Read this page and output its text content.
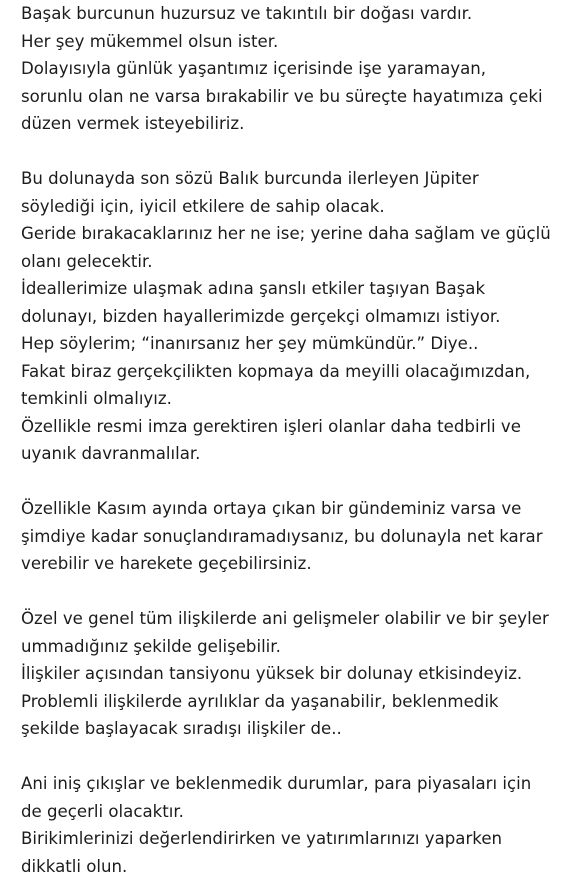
Başak burcunun huzursuz ve takıntılı bir doğası vardır.
Her şey mükemmel olsun ister.
Dolayısıyla günlük yaşantımız içerisinde işe yaramayan,
sorunlu olan ne varsa bırakabilir ve bu süreçte hayatımıza çeki
düzen vermek isteyebiliriz.

Bu dolunayda son sözü Balık burcunda ilerleyen Jüpiter
söylediği için, iyicil etkilere de sahip olacak.
Geride bırakacaklarınız her ne ise; yerine daha sağlam ve güçlü
olanı gelecektir.
İdeallerimize ulaşmak adına şanslı etkiler taşıyan Başak
dolunayı, bizden hayallerimizde gerçekçi olmamızı istiyor.
Hep söylerim; “inanırsanız her şey mümkündür.” Diye..
Fakat biraz gerçekçilikten kopmaya da meyilli olacağımızdan,
temkinli olmalıyız.
Özellikle resmi imza gerektiren işleri olanlar daha tedbirli ve
uyanık davranmalılar.

Özellikle Kasım ayında ortaya çıkan bir gündeminiz varsa ve
şimdiye kadar sonuçlandıramadıysanız, bu dolunayla net karar
verebilir ve harekete geçebilirsiniz.

Özel ve genel tüm ilişkilerde ani gelişmeler olabilir ve bir şeyler
ummadığınız şekilde gelişebilir.
İlişkiler açısından tansiyonu yüksek bir dolunay etkisindeyiz.
Problemli ilişkilerde ayrılıklar da yaşanabilir, beklenmedik
şekilde başlayacak sıradışı ilişkiler de..

Ani iniş çıkışlar ve beklenmedik durumlar, para piyasaları için
de geçerli olacaktır.
Birikimlerinizi değerlendirirken ve yatırımlarınızı yaparken
dikkatli olun.
